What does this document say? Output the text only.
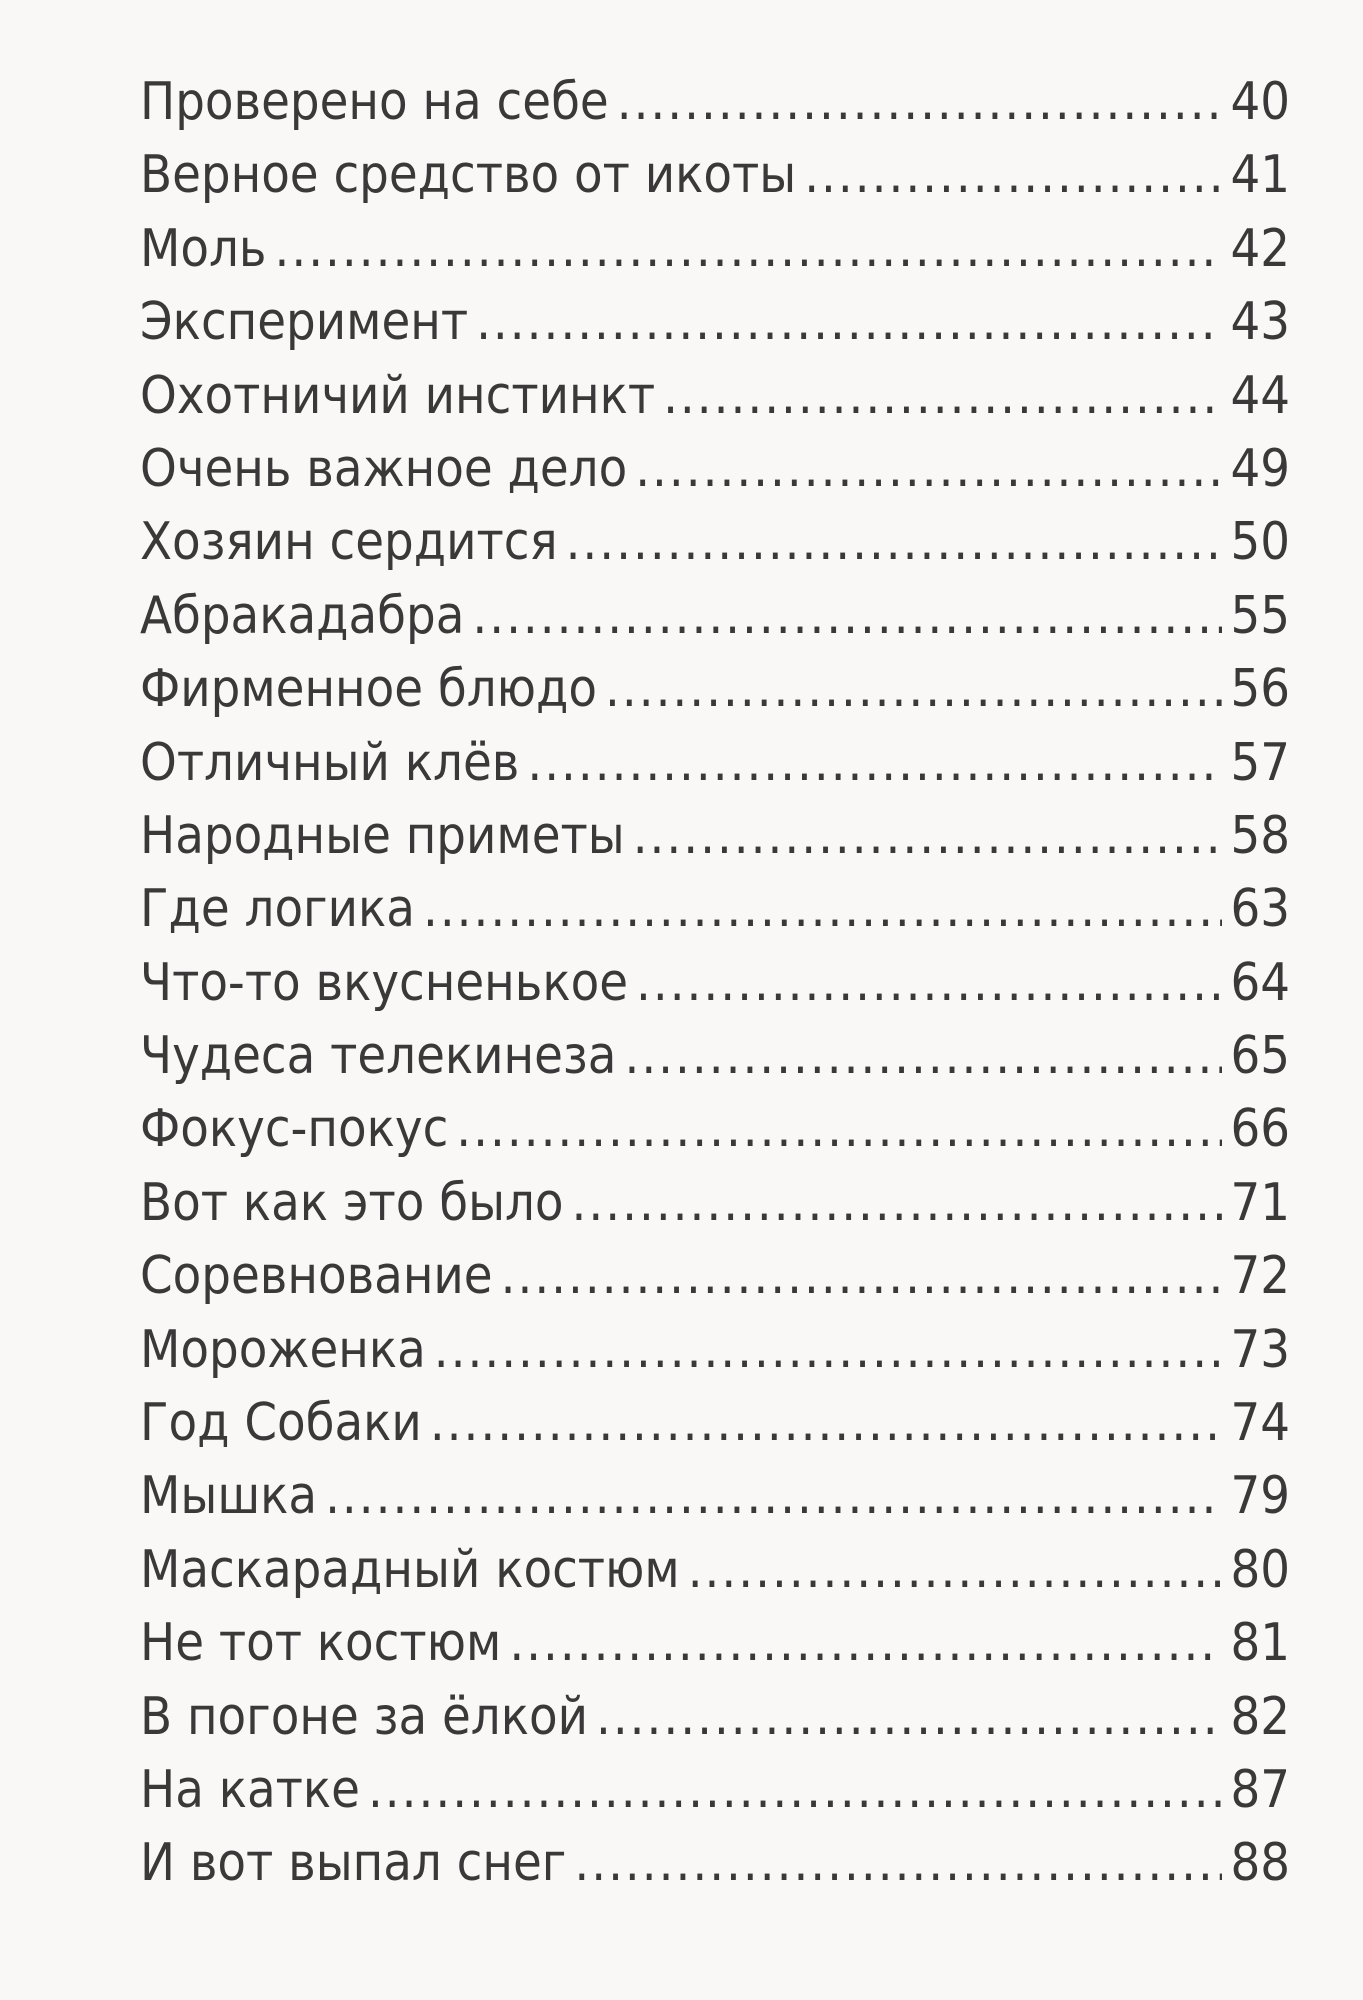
Проверено на себе .....	40
Верное средство от икоты .....	41
Моль .....	42
Эксперимент .....	43
Охотничий инстинкт .....	44
Очень важное дело .....	49
Хозяин сердится .....	50
Абракадабра .....	55
Фирменное блюдо .....	56
Отличный клёв .....	57
Народные приметы .....	58
Где логика .....	63
Что-то вкусненькое .....	64
Чудеса телекинеза .....	65
Фокус-покус .....	66
Вот как это было .....	71
Соревнование .....	72
Мороженка .....	73
Год Собаки .....	74
Мышка .....	79
Маскарадный костюм .....	80
Не тот костюм .....	81
В погоне за ёлкой .....	82
На катке .....	87
И вот выпал снег .....	88
